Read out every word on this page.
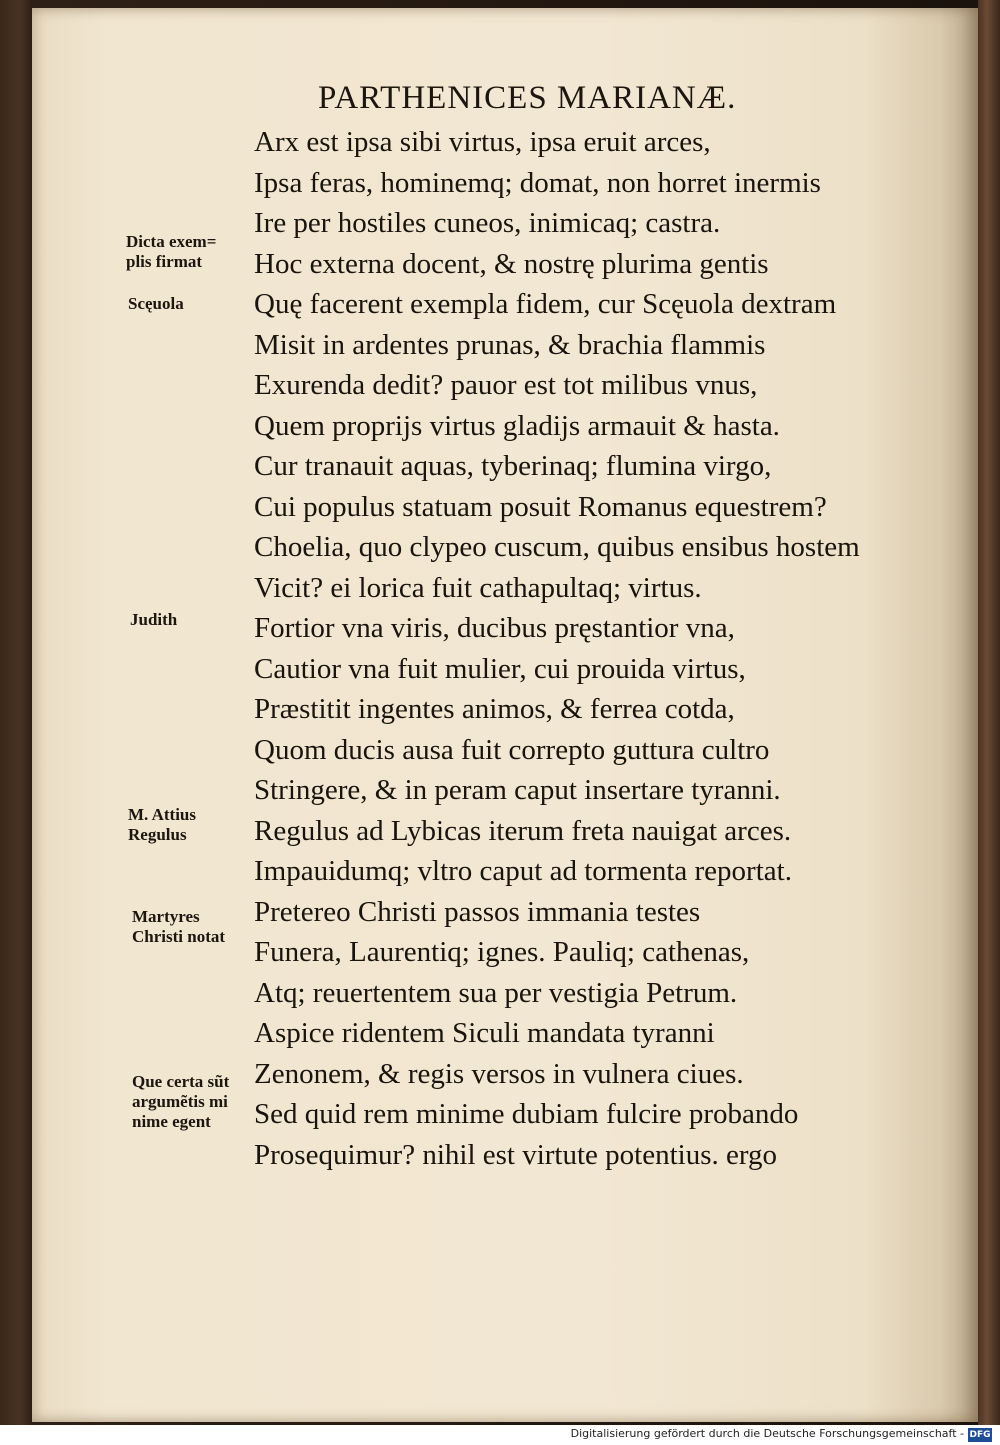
PARTHENICES MARIANÆ.
Arx est ipsa sibi virtus, ipsa eruit arces,
Ipsa feras, hominemq; domat, non horret inermis
Ire per hostiles cuneos, inimicaq; castra.
Hoc externa docent, & nostrę plurima gentis
Quę facerent exempla fidem, cur Scęuola dextram
Misit in ardentes prunas, & brachia flammis
Exurenda dedit? pauor est tot milibus vnus,
Quem proprijs virtus gladijs armauit & hasta.
Cur tranauit aquas, tyberinaq; flumina virgo,
Cui populus statuam posuit Romanus equestrem?
Choelia, quo clypeo cuscum, quibus ensibus hostem
Vicit? ei lorica fuit cathapultaq; virtus.
Fortior vna viris, ducibus pręstantior vna,
Cautior vna fuit mulier, cui prouida virtus,
Præstitit ingentes animos, & ferrea cotda,
Quom ducis ausa fuit correpto guttura cultro
Stringere, & in peram caput insertare tyranni.
Regulus ad Lybicas iterum freta nauigat arces.
Impauidumq; vltro caput ad tormenta reportat.
Pretereo Christi passos immania testes
Funera, Laurentiq; ignes. Pauliq; cathenas,
Atq; reuertentem sua per vestigia Petrum.
Aspice ridentem Siculi mandata tyranni
Zenonem, & regis versos in vulnera ciues.
Sed quid rem minime dubiam fulcire probando
Prosequimur? nihil est virtute potentius. ergo
Dicta exem=
plis firmat
Scęuola
Judith
M. Attius
Regulus
Martyres
Christi notat
Que certa sũt
argumẽtis mi
nime egent
Digitalisierung gefördert durch die Deutsche Forschungsgemeinschaft - DFG
